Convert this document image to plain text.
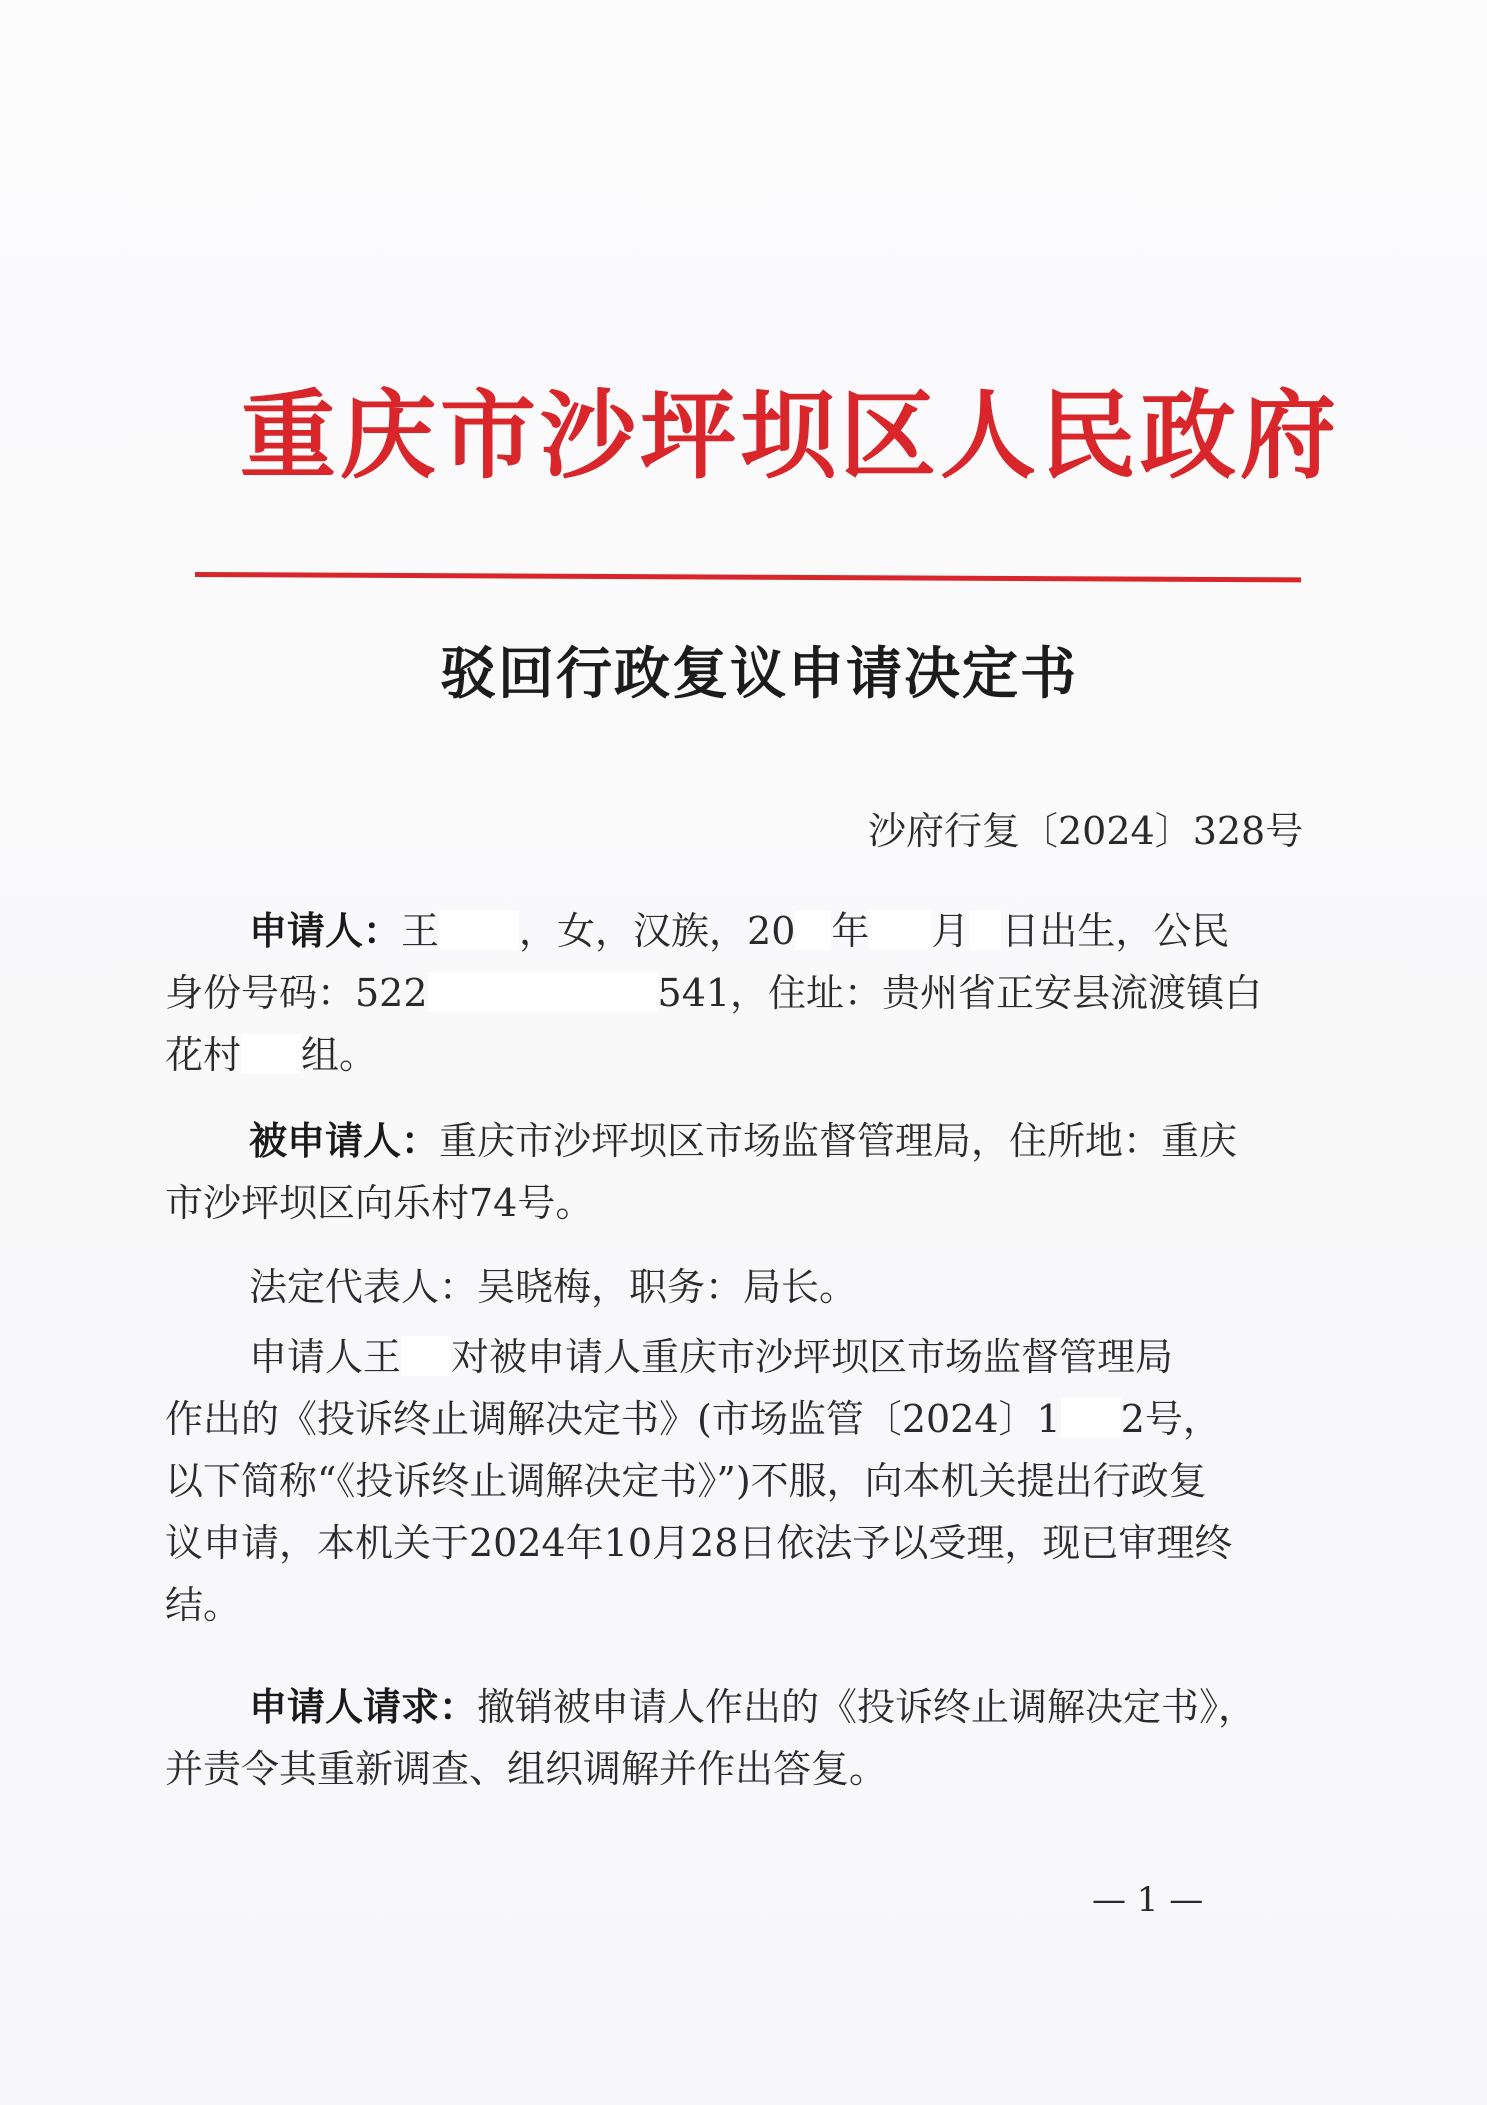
重庆市沙坪坝区人民政府
驳回行政复议申请决定书
沙府行复〔2024〕328号
申请人：王 ，女，汉族，20 年 月 日出生，公民
身份号码：522	541，住址：贵州省正安县流渡镇白
花村 组。
被申请人：重庆市沙坪坝区市场监督管理局，住所地：重庆
市沙坪坝区向乐村74号。
法定代表人：吴晓梅，职务：局长。
申请人王 对被申请人重庆市沙坪坝区市场监督管理局
作出的《投诉终止调解决定书》(市场监管〔2024〕1 2号，
以下简称“《投诉终止调解决定书》”)不服，向本机关提出行政复
议申请，本机关于2024年10月28日依法予以受理，现已审理终
结。
申请人请求：撤销被申请人作出的《投诉终止调解决定书》，
并责令其重新调查、组织调解并作出答复。
— 1 —
